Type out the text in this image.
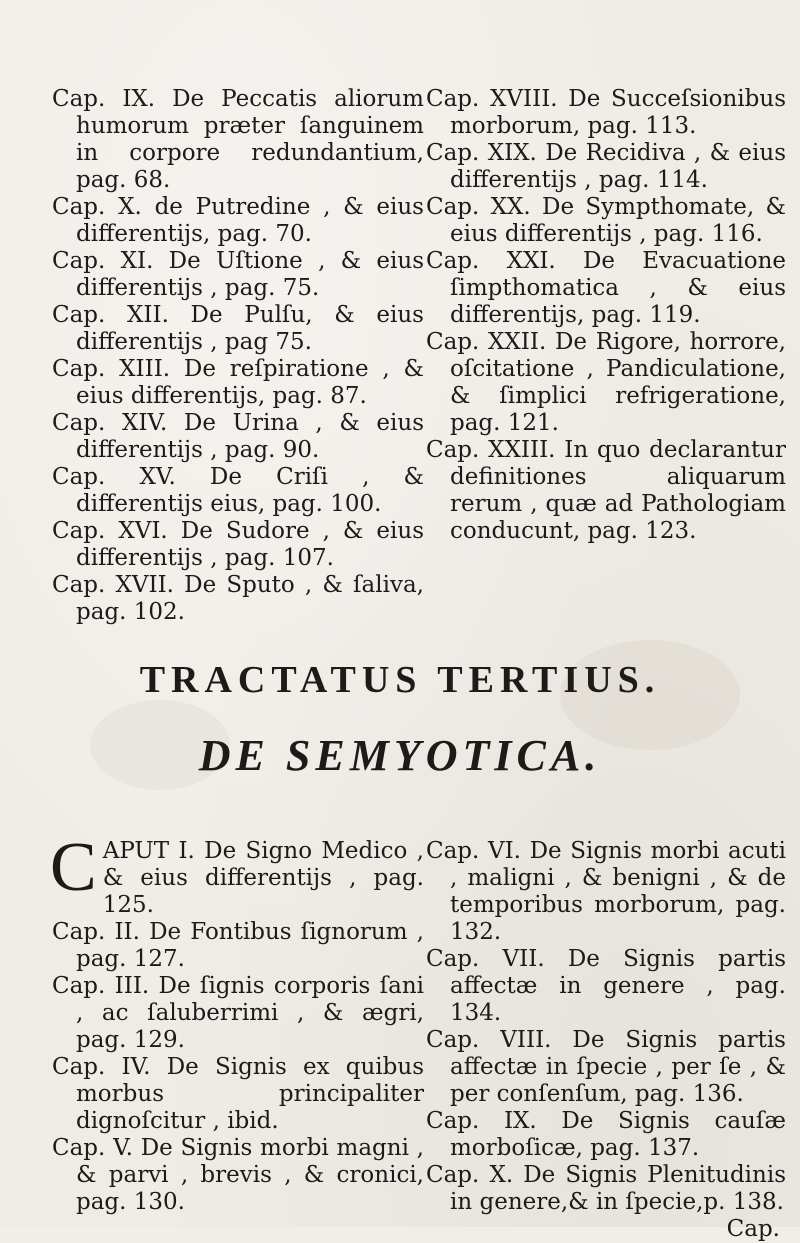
Cap. IX. De Peccatis aliorum humorum præter ſanguinem in corpore redundantium, pag. 68.

Cap. X. de Putredine , & eius differentijs, pag. 70.

Cap. XI. De Uſtione , & eius differentijs , pag. 75.

Cap. XII. De Pulſu, & eius differentijs , pag 75.

Cap. XIII. De reſpiratione , & eius differentijs, pag. 87.

Cap. XIV. De Urina , & eius differentijs , pag. 90.

Cap. XV. De Criſi , & differentijs eius, pag. 100.

Cap. XVI. De Sudore , & eius differentijs , pag. 107.

Cap. XVII. De Sputo , & ſaliva, pag. 102.

Cap. XVIII. De Succeſsionibus morborum, pag. 113.

Cap. XIX. De Recidiva , & eius differentijs , pag. 114.

Cap. XX. De Sympthomate, & eius differentijs , pag. 116.

Cap. XXI. De Evacuatione ſimpthomatica , & eius differentijs, pag. 119.

Cap. XXII. De Rigore, horrore, oſcitatione , Pandiculatione, & ſimplici refrigeratione, pag. 121.

Cap. XXIII. In quo declarantur definitiones aliquarum rerum , quæ ad Pathologiam conducunt, pag. 123.

TRACTATUS TERTIUS.
DE SEMYOTICA.

CAPUT I. De Signo Medico , & eius differentijs , pag. 125.

Cap. II. De Fontibus ſignorum , pag. 127.

Cap. III. De ſignis corporis ſani , ac ſaluberrimi , & ægri, pag. 129.

Cap. IV. De Signis ex quibus morbus principaliter dignoſcitur , ibid.

Cap. V. De Signis morbi magni , & parvi , brevis , & cronici, pag. 130.

Cap. VI. De Signis morbi acuti , maligni , & benigni , & de temporibus morborum, pag. 132.

Cap. VII. De Signis partis affectæ in genere , pag. 134.

Cap. VIII. De Signis partis affectæ in ſpecie , per ſe , & per conſenſum, pag. 136.

Cap. IX. De Signis cauſæ morboſicæ, pag. 137.

Cap. X. De Signis Plenitudinis in genere,& in ſpecie,p. 138.

Cap.
